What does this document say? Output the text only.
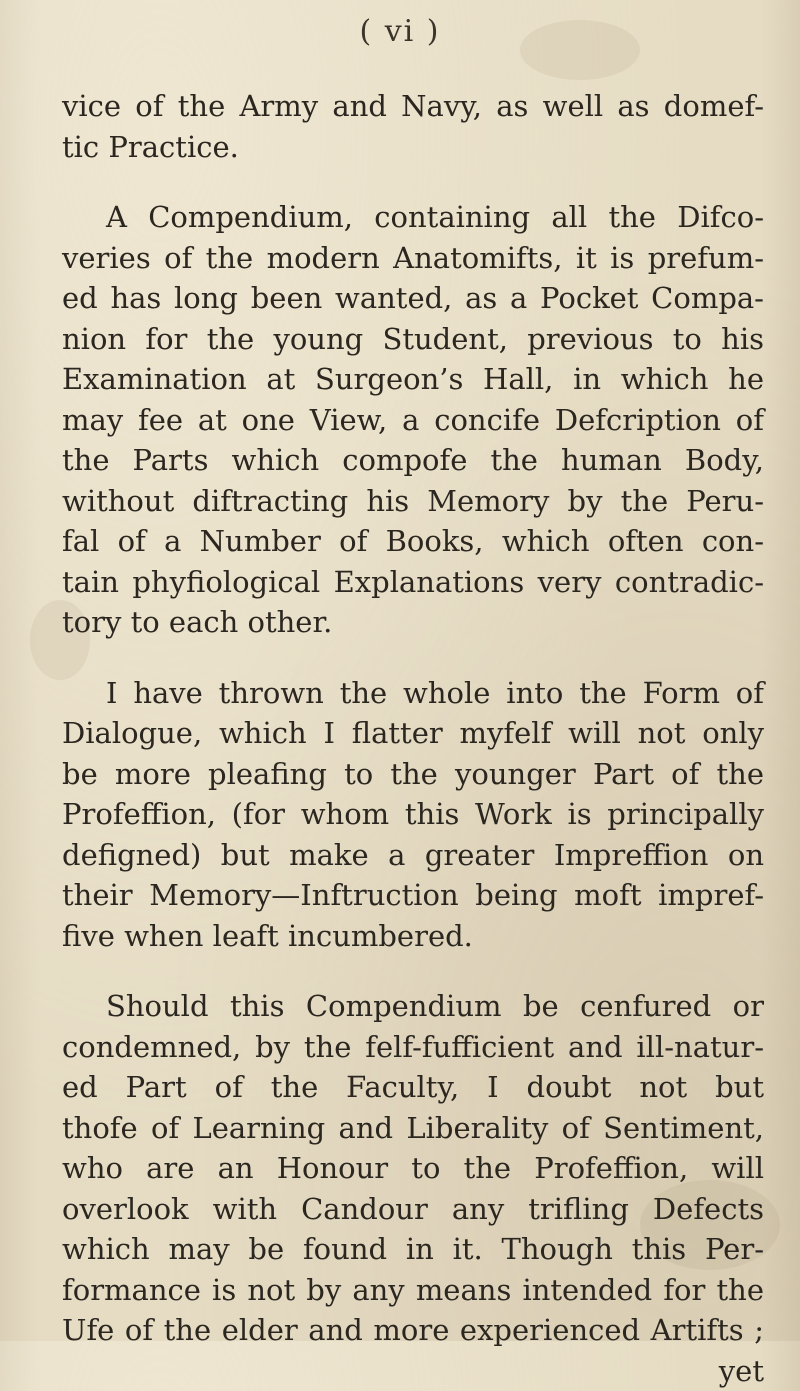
( vi )
vice of the Army and Navy, as well as domef-
tic Practice.
A Compendium, containing all the Difco-
veries of the modern Anatomifts, it is prefum-
ed has long been wanted, as a Pocket Compa-
nion for the young Student, previous to his
Examination at Surgeon’s Hall, in which he
may fee at one View, a concife Defcription of
the Parts which compofe the human Body,
without diftracting his Memory by the Peru-
fal of a Number of Books, which often con-
tain phyfiological Explanations very contradic-
tory to each other.
I have thrown the whole into the Form of
Dialogue, which I flatter myfelf will not only
be more pleafing to the younger Part of the
Profeffion, (for whom this Work is principally
defigned) but make a greater Impreffion on
their Memory—Inftruction being moft impref-
five when leaft incumbered.
Should this Compendium be cenfured or
condemned, by the felf-fufficient and ill-natur-
ed Part of the Faculty, I doubt not but
thofe of Learning and Liberality of Sentiment,
who are an Honour to the Profeffion, will
overlook with Candour any trifling Defects
which may be found in it. Though this Per-
formance is not by any means intended for the
Ufe of the elder and more experienced Artifts ;
yet
